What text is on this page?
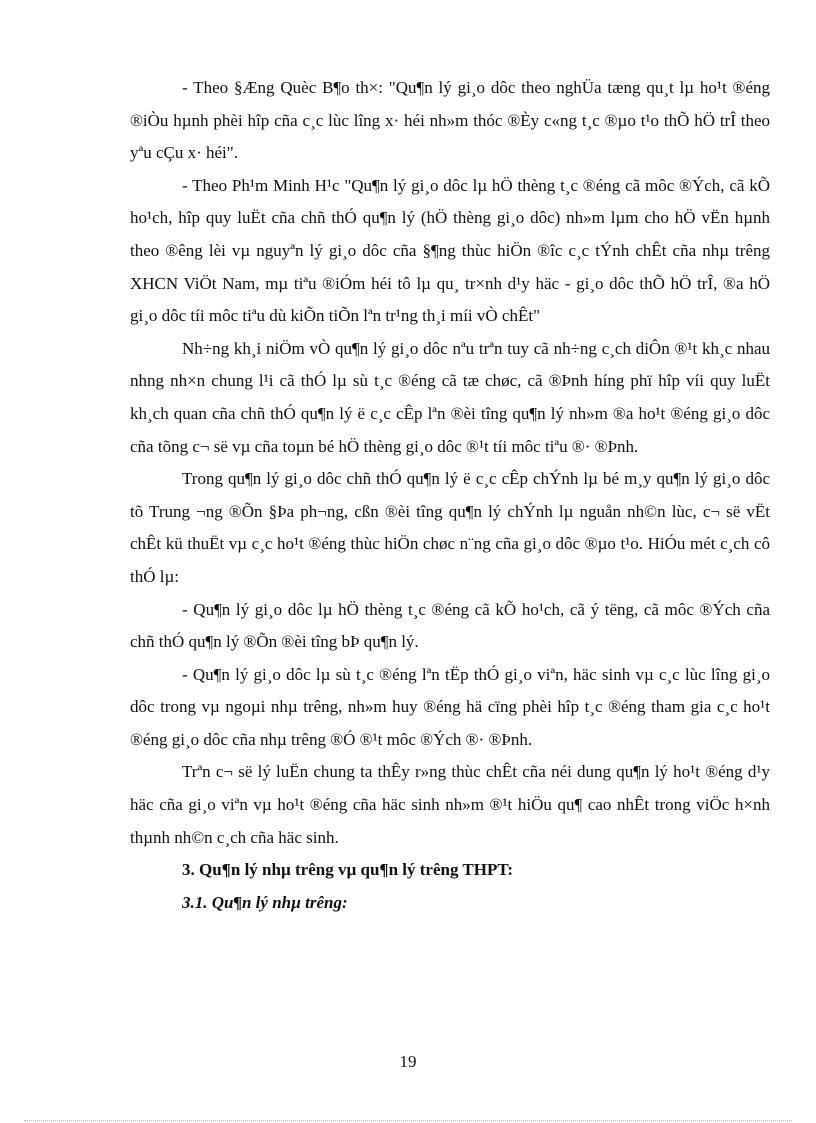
- Theo §Æng Quèc B¶o th×: "Qu¶n lý gi¸o dôc theo nghÜa tæng qu¸t lµ ho¹t ®éng ®iÒu hµnh phèi hîp cña c¸c lùc lîng x· héi nh»m thóc ®Èy c«ng t¸c ®µo t¹o thÕ hÖ trÎ theo yªu cÇu x· héi".

- Theo Ph¹m Minh H¹c "Qu¶n lý gi¸o dôc lµ hÖ thèng t¸c ®éng cã môc ®Ých, cã kÕ ho¹ch, hîp quy luËt cña chñ thÓ qu¶n lý (hÖ thèng gi¸o dôc) nh»m lµm cho hÖ vËn hµnh theo ®êng lèi vµ nguyªn lý gi¸o dôc cña §¶ng thùc hiÖn ®îc c¸c tÝnh chÊt cña nhµ trêng XHCN ViÖt Nam, mµ tiªu ®iÓm héi tô lµ qu¸ tr×nh d¹y häc - gi¸o dôc thÕ hÖ trÎ, ®a hÖ gi¸o dôc tíi môc tiªu dù kiÕn tiÕn lªn tr¹ng th¸i míi vÒ chÊt"

Nh÷ng kh¸i niÖm vÒ qu¶n lý gi¸o dôc nªu trªn tuy cã nh÷ng c¸ch diÔn ®¹t kh¸c nhau nhng nh×n chung l¹i cã thÓ lµ sù t¸c ®éng cã tæ chøc, cã ®Þnh híng phï hîp víi quy luËt kh¸ch quan cña chñ thÓ qu¶n lý ë c¸c cÊp lªn ®èi tîng qu¶n lý nh»m ®a ho¹t ®éng gi¸o dôc cña tõng c¬ së vµ cña toµn bé hÖ thèng gi¸o dôc ®¹t tíi môc tiªu ®· ®Þnh.

Trong qu¶n lý gi¸o dôc chñ thÓ qu¶n lý ë c¸c cÊp chÝnh lµ bé m¸y qu¶n lý gi¸o dôc tõ Trung ¬ng ®Õn §Þa ph¬ng, cßn ®èi tîng qu¶n lý chÝnh lµ nguån nh©n lùc, c¬ së vËt chÊt kü thuËt vµ c¸c ho¹t ®éng thùc hiÖn chøc n¨ng cña gi¸o dôc ®µo t¹o. HiÓu mét c¸ch cô thÓ lµ:

- Qu¶n lý gi¸o dôc lµ hÖ thèng t¸c ®éng cã kÕ ho¹ch, cã ý tëng, cã môc ®Ých cña chñ thÓ qu¶n lý ®Õn ®èi tîng bÞ qu¶n lý.

- Qu¶n lý gi¸o dôc lµ sù t¸c ®éng lªn tËp thÓ gi¸o viªn, häc sinh vµ c¸c lùc lîng gi¸o dôc trong vµ ngoµi nhµ trêng, nh»m huy ®éng hä cïng phèi hîp t¸c ®éng tham gia c¸c ho¹t ®éng gi¸o dôc cña nhµ trêng ®Ó ®¹t môc ®Ých ®· ®Þnh.

Trªn c¬ së lý luËn chung ta thÊy r»ng thùc chÊt cña néi dung qu¶n lý ho¹t ®éng d¹y häc cña gi¸o viªn vµ ho¹t ®éng cña häc sinh nh»m ®¹t hiÖu qu¶ cao nhÊt trong viÖc h×nh thµnh nh©n c¸ch cña häc sinh.

3. Qu¶n lý nhµ trêng vµ qu¶n lý trêng THPT:

3.1. Qu¶n lý nhµ trêng:

19
